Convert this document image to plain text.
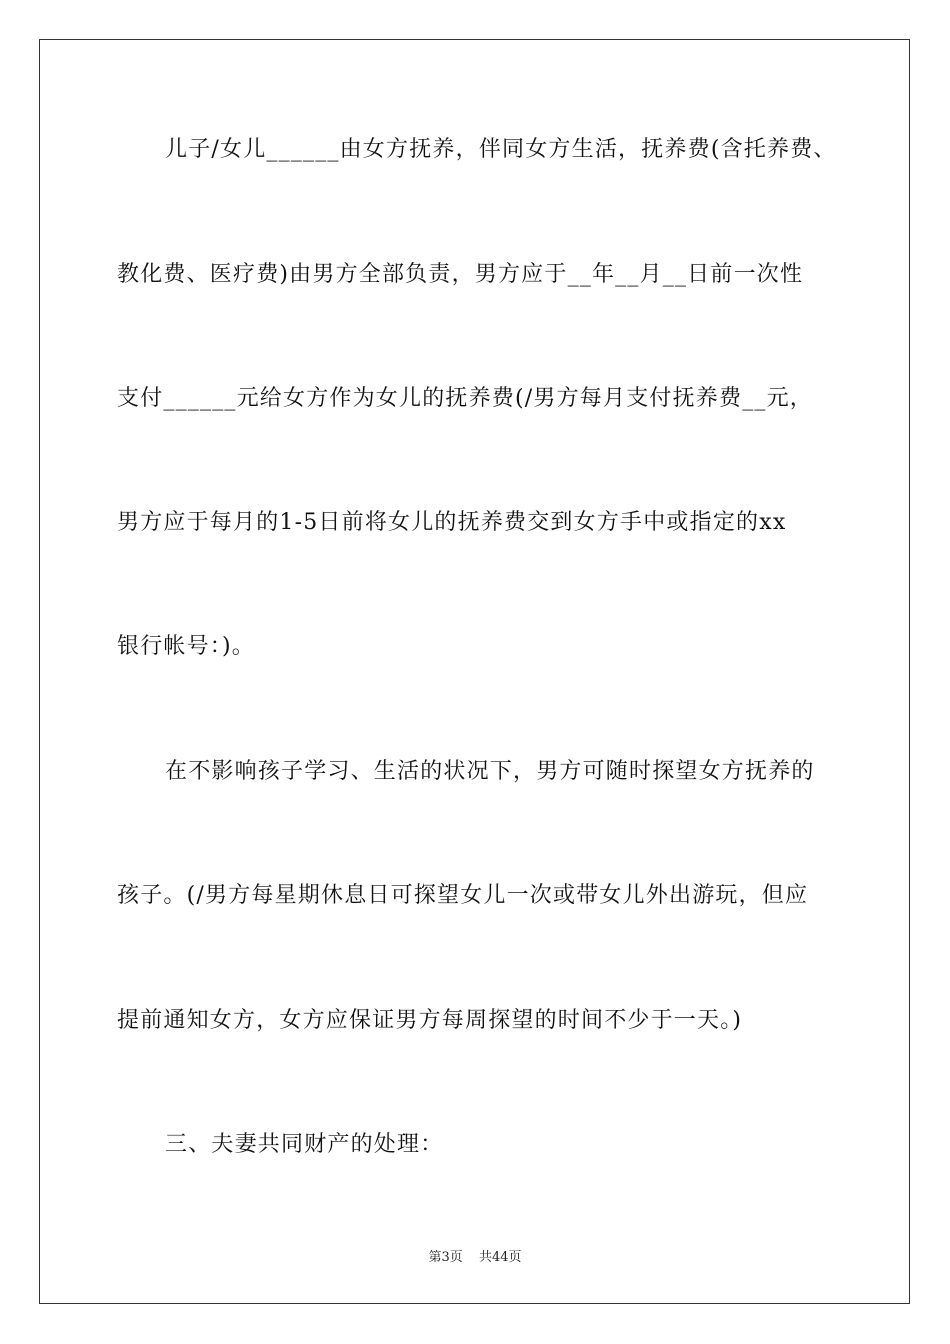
儿子/女儿______由女方抚养，伴同女方生活，抚养费(含托养费、
教化费、医疗费)由男方全部负责，男方应于__年__月__日前一次性
支付______元给女方作为女儿的抚养费(/男方每月支付抚养费__元，
男方应于每月的1-5日前将女儿的抚养费交到女方手中或指定的xx
银行帐号：)。
在不影响孩子学习、生活的状况下，男方可随时探望女方抚养的
孩子。(/男方每星期休息日可探望女儿一次或带女儿外出游玩，但应
提前通知女方，女方应保证男方每周探望的时间不少于一天。)
三、夫妻共同财产的处理：
第3页 共44页
